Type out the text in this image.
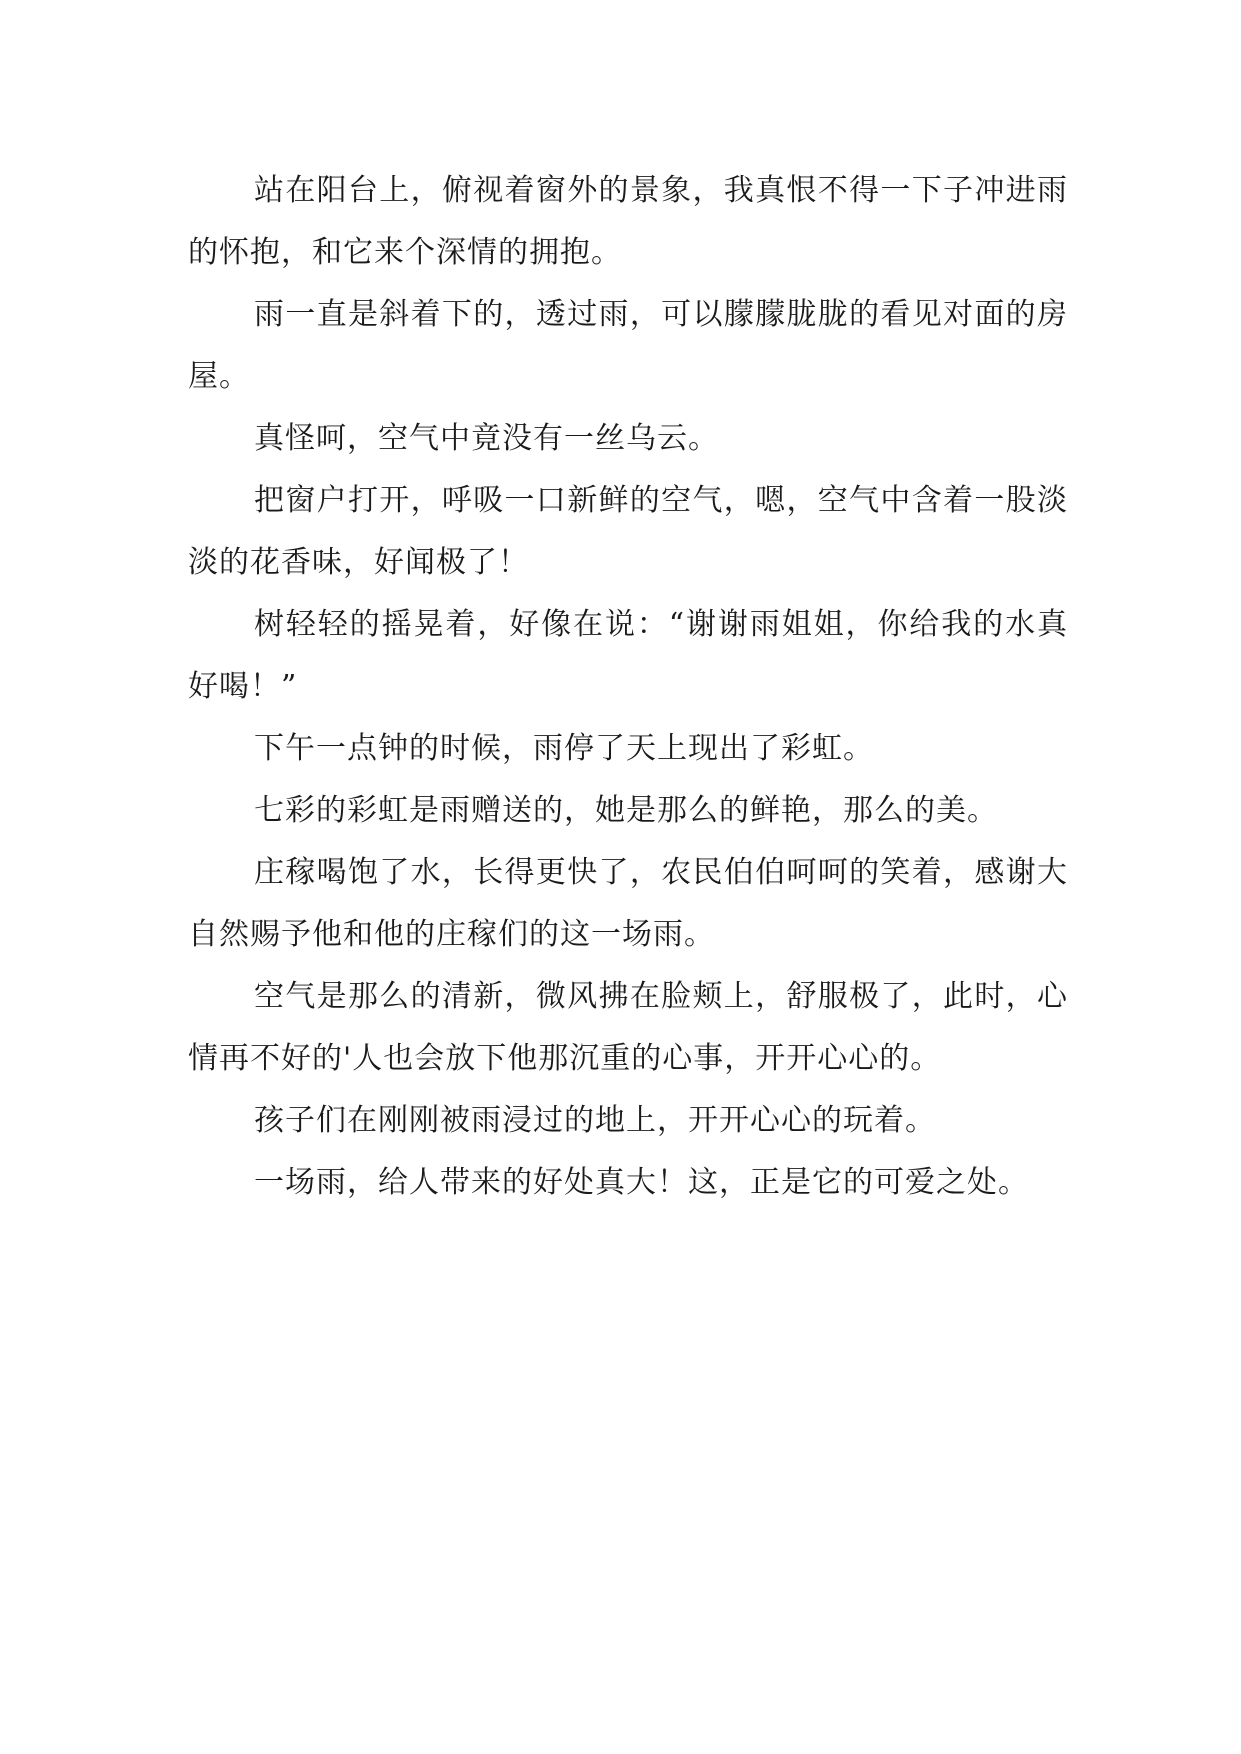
站在阳台上，俯视着窗外的景象，我真恨不得一下子冲进雨的怀抱，和它来个深情的拥抱。

雨一直是斜着下的，透过雨，可以朦朦胧胧的看见对面的房屋。

真怪呵，空气中竟没有一丝乌云。

把窗户打开，呼吸一口新鲜的空气，嗯，空气中含着一股淡淡的花香味，好闻极了！

树轻轻的摇晃着，好像在说：“谢谢雨姐姐，你给我的水真好喝！”

下午一点钟的时候，雨停了天上现出了彩虹。

七彩的彩虹是雨赠送的，她是那么的鲜艳，那么的美。

庄稼喝饱了水，长得更快了，农民伯伯呵呵的笑着，感谢大自然赐予他和他的庄稼们的这一场雨。

空气是那么的清新，微风拂在脸颊上，舒服极了，此时，心情再不好的'人也会放下他那沉重的心事，开开心心的。

孩子们在刚刚被雨浸过的地上，开开心心的玩着。

一场雨，给人带来的好处真大！这，正是它的可爱之处。
